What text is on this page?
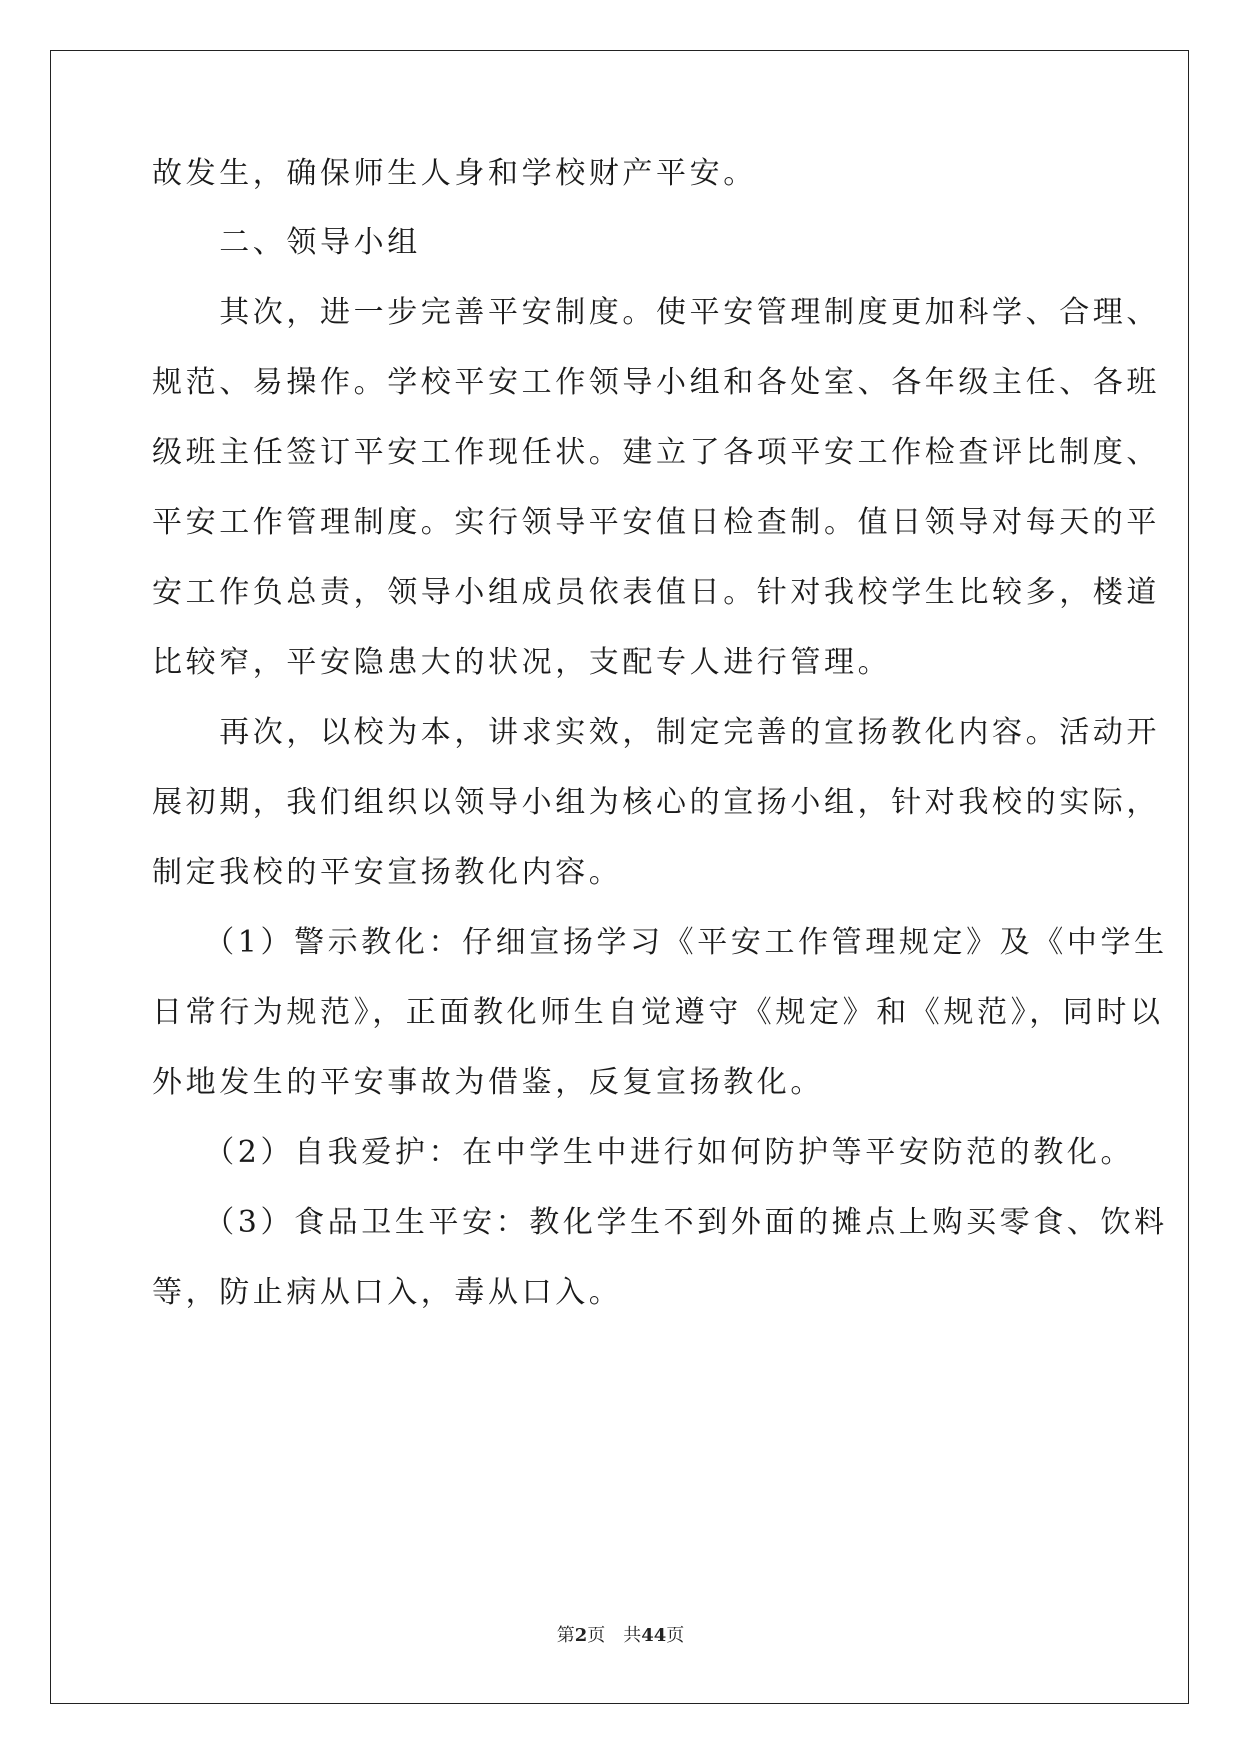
故发生，确保师生人身和学校财产平安。
　　二、领导小组
　　其次，进一步完善平安制度。使平安管理制度更加科学、合理、
规范、易操作。学校平安工作领导小组和各处室、各年级主任、各班
级班主任签订平安工作现任状。建立了各项平安工作检查评比制度、
平安工作管理制度。实行领导平安值日检查制。值日领导对每天的平
安工作负总责，领导小组成员依表值日。针对我校学生比较多，楼道
比较窄，平安隐患大的状况，支配专人进行管理。
　　再次，以校为本，讲求实效，制定完善的宣扬教化内容。活动开
展初期，我们组织以领导小组为核心的宣扬小组，针对我校的实际，
制定我校的平安宣扬教化内容。
　　（1）警示教化：仔细宣扬学习《平安工作管理规定》及《中学生
日常行为规范》，正面教化师生自觉遵守《规定》和《规范》，同时以
外地发生的平安事故为借鉴，反复宣扬教化。
　　（2）自我爱护：在中学生中进行如何防护等平安防范的教化。
　　（3）食品卫生平安：教化学生不到外面的摊点上购买零食、饮料
等，防止病从口入，毒从口入。
第2页 共44页
